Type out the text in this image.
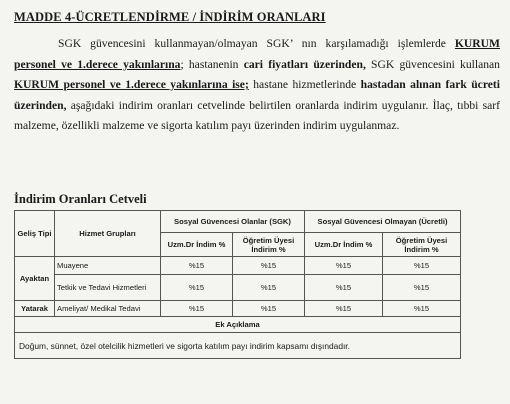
MADDE 4-ÜCRETLENDİRME / İNDİRİM ORANLARI
SGK güvencesini kullanmayan/olmayan SGK’ nın karşılamadığı işlemlerde KURUM personel ve 1.derece yakınlarına; hastanenin cari fiyatları üzerinden, SGK güvencesini kullanan KURUM personel ve 1.derece yakınlarına ise; hastane hizmetlerinde hastadan alınan fark ücreti üzerinden, aşağıdaki indirim oranları cetvelinde belirtilen oranlarda indirim uygulanır. İlaç, tıbbi sarf malzeme, özellikli malzeme ve sigorta katılım payı üzerinden indirim uygulanmaz.
İndirim Oranları Cetveli
Geliş Tipi	Hizmet Grupları	Sosyal Güvencesi Olanlar (SGK)		Sosyal Güvencesi Olmayan (Ücretli)	
		Uzm.Dr İndim %	Öğretim Üyesi İndirim %	Uzm.Dr İndim %	Öğretim Üyesi İndirim %
Ayaktan	Muayene	%15	%15	%15	%15
	Tetkik ve Tedavi Hizmetleri	%15	%15	%15	%15
Yatarak	Ameliyat/ Medikal Tedavi	%15	%15	%15	%15
Ek Açıklama					
Doğum, sünnet, özel otelcilik hizmetleri ve sigorta katılım payı indirim kapsamı dışındadır.					
